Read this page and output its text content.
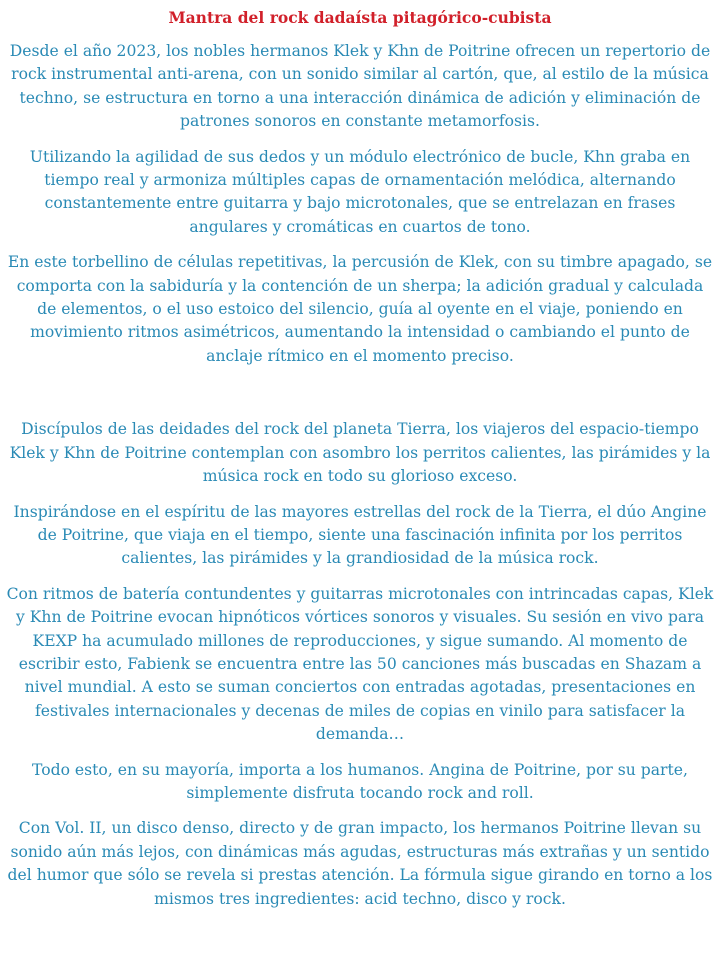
Mantra del rock dadaísta pitagórico-cubista

Desde el año 2023, los nobles hermanos Klek y Khn de Poitrine ofrecen un repertorio de rock instrumental anti-arena, con un sonido similar al cartón, que, al estilo de la música techno, se estructura en torno a una interacción dinámica de adición y eliminación de patrones sonoros en constante metamorfosis.

Utilizando la agilidad de sus dedos y un módulo electrónico de bucle, Khn graba en tiempo real y armoniza múltiples capas de ornamentación melódica, alternando constantemente entre guitarra y bajo microtonales, que se entrelazan en frases angulares y cromáticas en cuartos de tono.

En este torbellino de células repetitivas, la percusión de Klek, con su timbre apagado, se comporta con la sabiduría y la contención de un sherpa; la adición gradual y calculada de elementos, o el uso estoico del silencio, guía al oyente en el viaje, poniendo en movimiento ritmos asimétricos, aumentando la intensidad o cambiando el punto de anclaje rítmico en el momento preciso.

Discípulos de las deidades del rock del planeta Tierra, los viajeros del espacio-tiempo Klek y Khn de Poitrine contemplan con asombro los perritos calientes, las pirámides y la música rock en todo su glorioso exceso.

Inspirándose en el espíritu de las mayores estrellas del rock de la Tierra, el dúo Angine de Poitrine, que viaja en el tiempo, siente una fascinación infinita por los perritos calientes, las pirámides y la grandiosidad de la música rock.

Con ritmos de batería contundentes y guitarras microtonales con intrincadas capas, Klek y Khn de Poitrine evocan hipnóticos vórtices sonoros y visuales. Su sesión en vivo para KEXP ha acumulado millones de reproducciones, y sigue sumando. Al momento de escribir esto, Fabienk se encuentra entre las 50 canciones más buscadas en Shazam a nivel mundial. A esto se suman conciertos con entradas agotadas, presentaciones en festivales internacionales y decenas de miles de copias en vinilo para satisfacer la demanda…

Todo esto, en su mayoría, importa a los humanos. Angina de Poitrine, por su parte, simplemente disfruta tocando rock and roll.

Con Vol. II, un disco denso, directo y de gran impacto, los hermanos Poitrine llevan su sonido aún más lejos, con dinámicas más agudas, estructuras más extrañas y un sentido del humor que sólo se revela si prestas atención. La fórmula sigue girando en torno a los mismos tres ingredientes: acid techno, disco y rock.
